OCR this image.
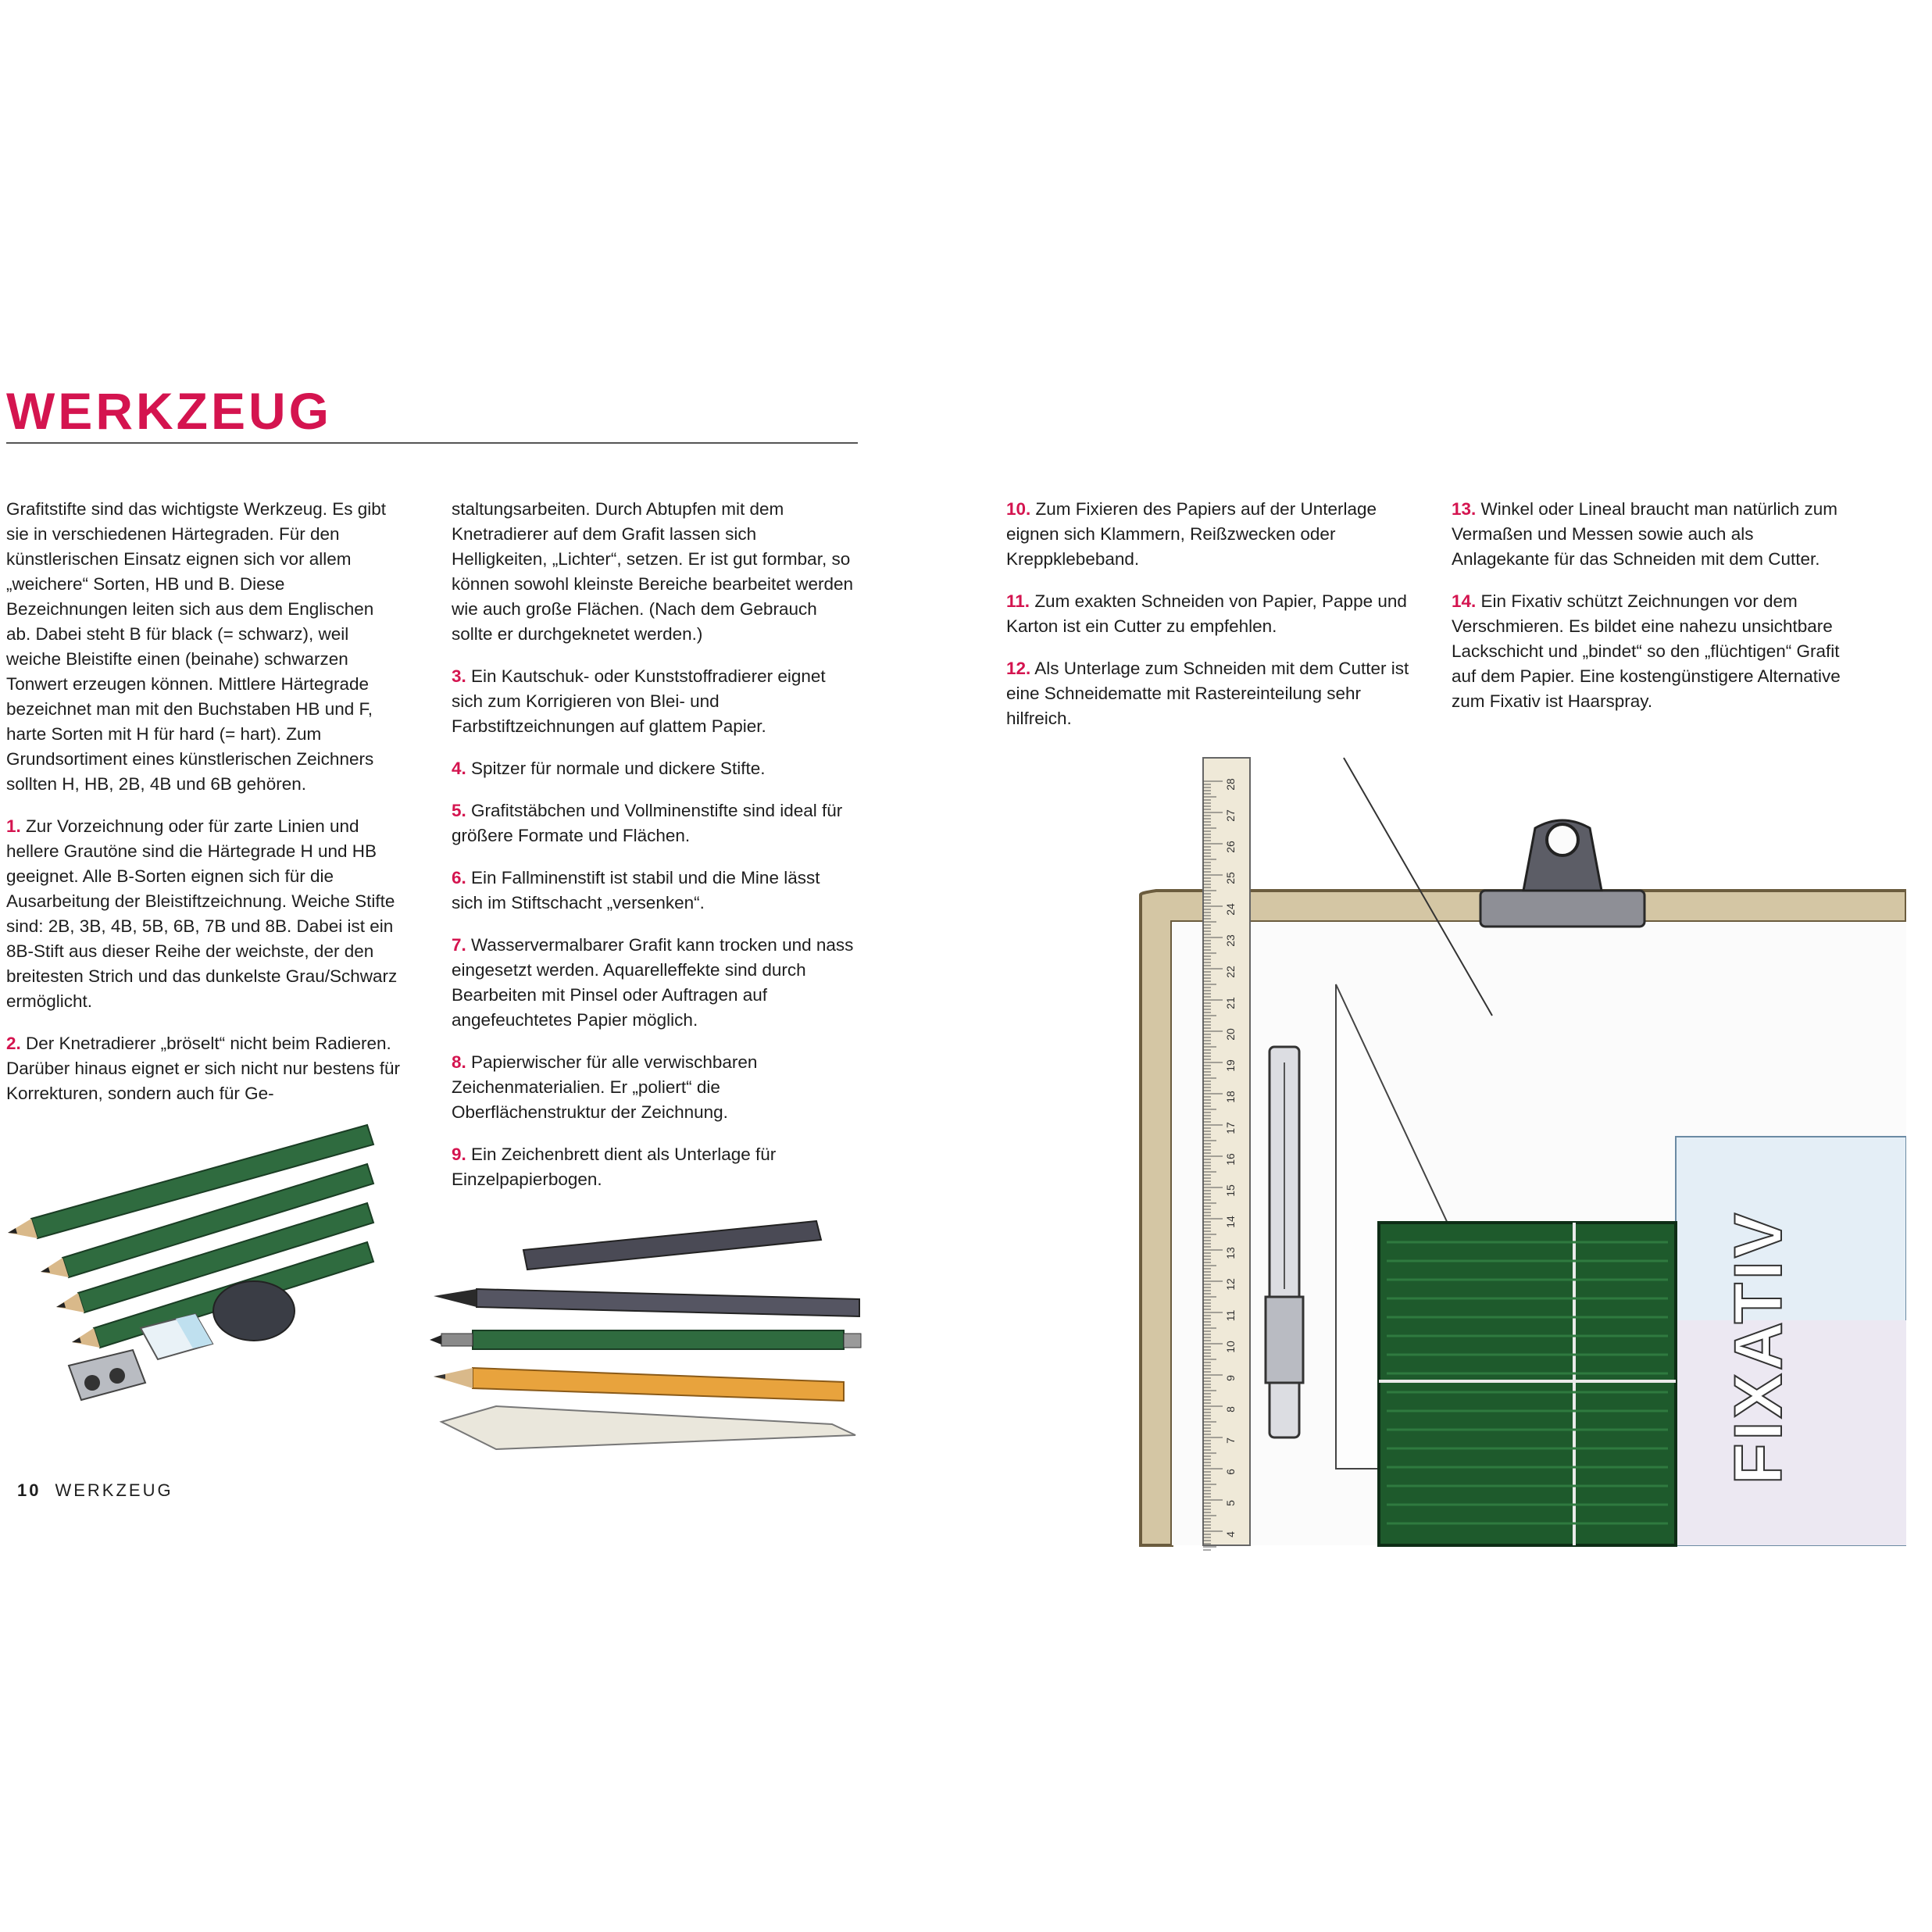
WERKZEUG

Grafitstifte sind das wichtigste Werkzeug. Es gibt sie in verschiedenen Härtegraden. Für den künstlerischen Einsatz eignen sich vor allem „weichere“ Sorten, HB und B. Diese Bezeichnungen leiten sich aus dem Englischen ab. Dabei steht B für black (= schwarz), weil weiche Bleistifte einen (beinahe) schwarzen Tonwert erzeugen können. Mittlere Härtegrade bezeichnet man mit den Buchstaben HB und F, harte Sorten mit H für hard (= hart). Zum Grundsortiment eines künstlerischen Zeichners sollten H, HB, 2B, 4B und 6B gehören.

1. Zur Vorzeichnung oder für zarte Linien und hellere Grautöne sind die Härtegrade H und HB geeignet. Alle B-Sorten eignen sich für die Ausarbeitung der Bleistiftzeichnung. Weiche Stifte sind: 2B, 3B, 4B, 5B, 6B, 7B und 8B. Dabei ist ein 8B-Stift aus dieser Reihe der weichste, der den breitesten Strich und das dunkelste Grau/Schwarz ermöglicht.

2. Der Knetradierer „bröselt“ nicht beim Radieren. Darüber hinaus eignet er sich nicht nur bestens für Korrekturen, sondern auch für Ge-

staltungsarbeiten. Durch Abtupfen mit dem Knetradierer auf dem Grafit lassen sich Helligkeiten, „Lichter“, setzen. Er ist gut formbar, so können sowohl kleinste Bereiche bearbeitet werden wie auch große Flächen. (Nach dem Gebrauch sollte er durchgeknetet werden.)

3. Ein Kautschuk- oder Kunststoffradierer eignet sich zum Korrigieren von Blei- und Farbstiftzeichnungen auf glattem Papier.

4. Spitzer für normale und dickere Stifte.

5. Grafitstäbchen und Vollminenstifte sind ideal für größere Formate und Flächen.

6. Ein Fallminenstift ist stabil und die Mine lässt sich im Stiftschacht „versenken“.

7. Wasservermalbarer Grafit kann trocken und nass eingesetzt werden. Aquarelleffekte sind durch Bearbeiten mit Pinsel oder Auftragen auf angefeuchtetes Papier möglich.

8. Papierwischer für alle verwischbaren Zeichenmaterialien. Er „poliert“ die Oberflächenstruktur der Zeichnung.

9. Ein Zeichenbrett dient als Unterlage für Einzelpapierbogen.

10. Zum Fixieren des Papiers auf der Unterlage eignen sich Klammern, Reißzwecken oder Kreppklebeband.

11. Zum exakten Schneiden von Papier, Pappe und Karton ist ein Cutter zu empfehlen.

12. Als Unterlage zum Schneiden mit dem Cutter ist eine Schneidematte mit Rastereinteilung sehr hilfreich.

13. Winkel oder Lineal braucht man natürlich zum Vermaßen und Messen sowie auch als Anlagekante für das Schneiden mit dem Cutter.

14. Ein Fixativ schützt Zeichnungen vor dem Verschmieren. Es bildet eine nahezu unsichtbare Lackschicht und „bindet“ so den „flüchtigen“ Grafit auf dem Papier. Eine kostengünstigere Alternative zum Fixativ ist Haarspray.

28
27
26
25
24
23
22
21
20
19
18
17
16
15
14
13
12
11
10
9
8
7
6
5
4
FIXATIV
10 WERKZEUG
